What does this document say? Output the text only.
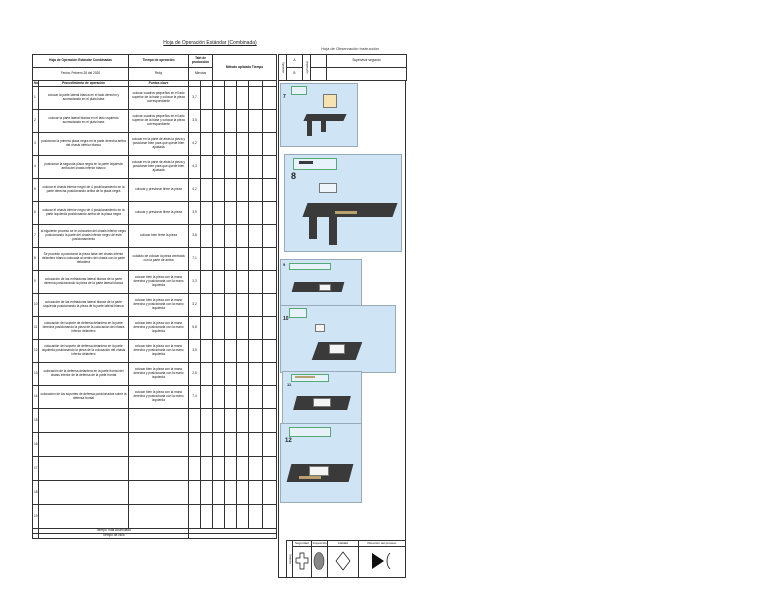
Hoja de Operación Estándar (Combinada)
Hoja de Observación Instrucción
Hoja de Operación Estándar Combinadas		Tiempo de operación	Takt de producción		Método aplicado Tiempo				
Fecha: Febrero 26 del 2020		Reloj	Minutos						
No.	Procedimiento de operación	Puntos clave							
1	colocar la parte lateral blanca en el lado derecho y acomodando en el plato base	colocar cuadros pequeños en el lado superior de la base y colocar la pieza correspondiente	3,7						
2	colocar la parte lateral blanca en el lado izquierdo acomodando en el plato base	colocar cuadros pequeños en el lado superior de la base y colocar la pieza correspondiente	3,5						
3	posicionar la primera placa negra en la parte derecha arriba del chasis inferior blanco	colocar en la parte de atrás la pieza y posicionar bien para que quede bien ajustada	4,2						
4	posicionar la segunda placa negra en la parte izquierda arriba del chasis inferior blanco	colocar en la parte de atrás la pieza y posicionar bien para que quede bien ajustada	4,3						
5	colocar el chasis inferior negro de 4 posicionamiento en la parte derecha posicionando arriba de la placa negra	colocar y presionar firme la pieza	4,2						
6	colocar el chasis inferior negro de 4 posicionamiento en la parte izquierda posicionando arriba de la placa negra	colocar y presionar firme la pieza	3,9						
7	al siguiente proceso se le colocarán del chasis inferior negro posicionando la parte del chasis inferior negro de este posicionamiento	colocar bien firme la pieza	3,8						
8	Se procede a posicionar la pieza base del chasis inferior delantero blanco colocada al centro del chasis con la parte delantera	cuidado de colocar la pieza centrada con la parte de arriba	7,1						
9	colocación de las enfriadoras lateral blanca de la parte derecha posicionando la pieza de la parte lateral blanca	colocar bien la pieza con la mano derecha y posicionarla con la mano izquierda	3,3						
10	colocación de las enfriadoras lateral blanca de la parte izquierda posicionando la pieza de la parte lateral blanca	colocar bien la pieza con la mano derecha y posicionarla con la mano izquierda	3,2						
11	colocación del soporte de defensa delantera en la parte derecha posicionando la pieza de la colocación del chasis inferior delantero	colocar bien la pieza con la mano derecha y posicionarla con la mano izquierda	5,8						
12	colocación del soporte de defensa delantera en la parte izquierda posicionando la pieza de la colocación del chasis inferior delantero	colocar bien la pieza con la mano derecha y posicionarla con la mano izquierda	3,5						
13	colocación de la defensa delantera en la parte frontal del chasis inferior de la defensa de la parte frontal	colocar bien la pieza con la mano derecha y posicionarla con la mano izquierda	2,5						
14	colocación de los soportes de defensa posicionados sobre la defensa frontal	colocar bien la pieza con la mano derecha y posicionarla con la mano izquierda	7,4						
15									
16									
17									
18									
19									
	Tiempo Total Acumulado								
	Tiempo de ciclo								
Operador	A	Inspección		Supervisor segundo
	B			
7
8
9
10
11
12
Símbolos	Seguridad	Inspección	Calidad	Dirección del proceso
